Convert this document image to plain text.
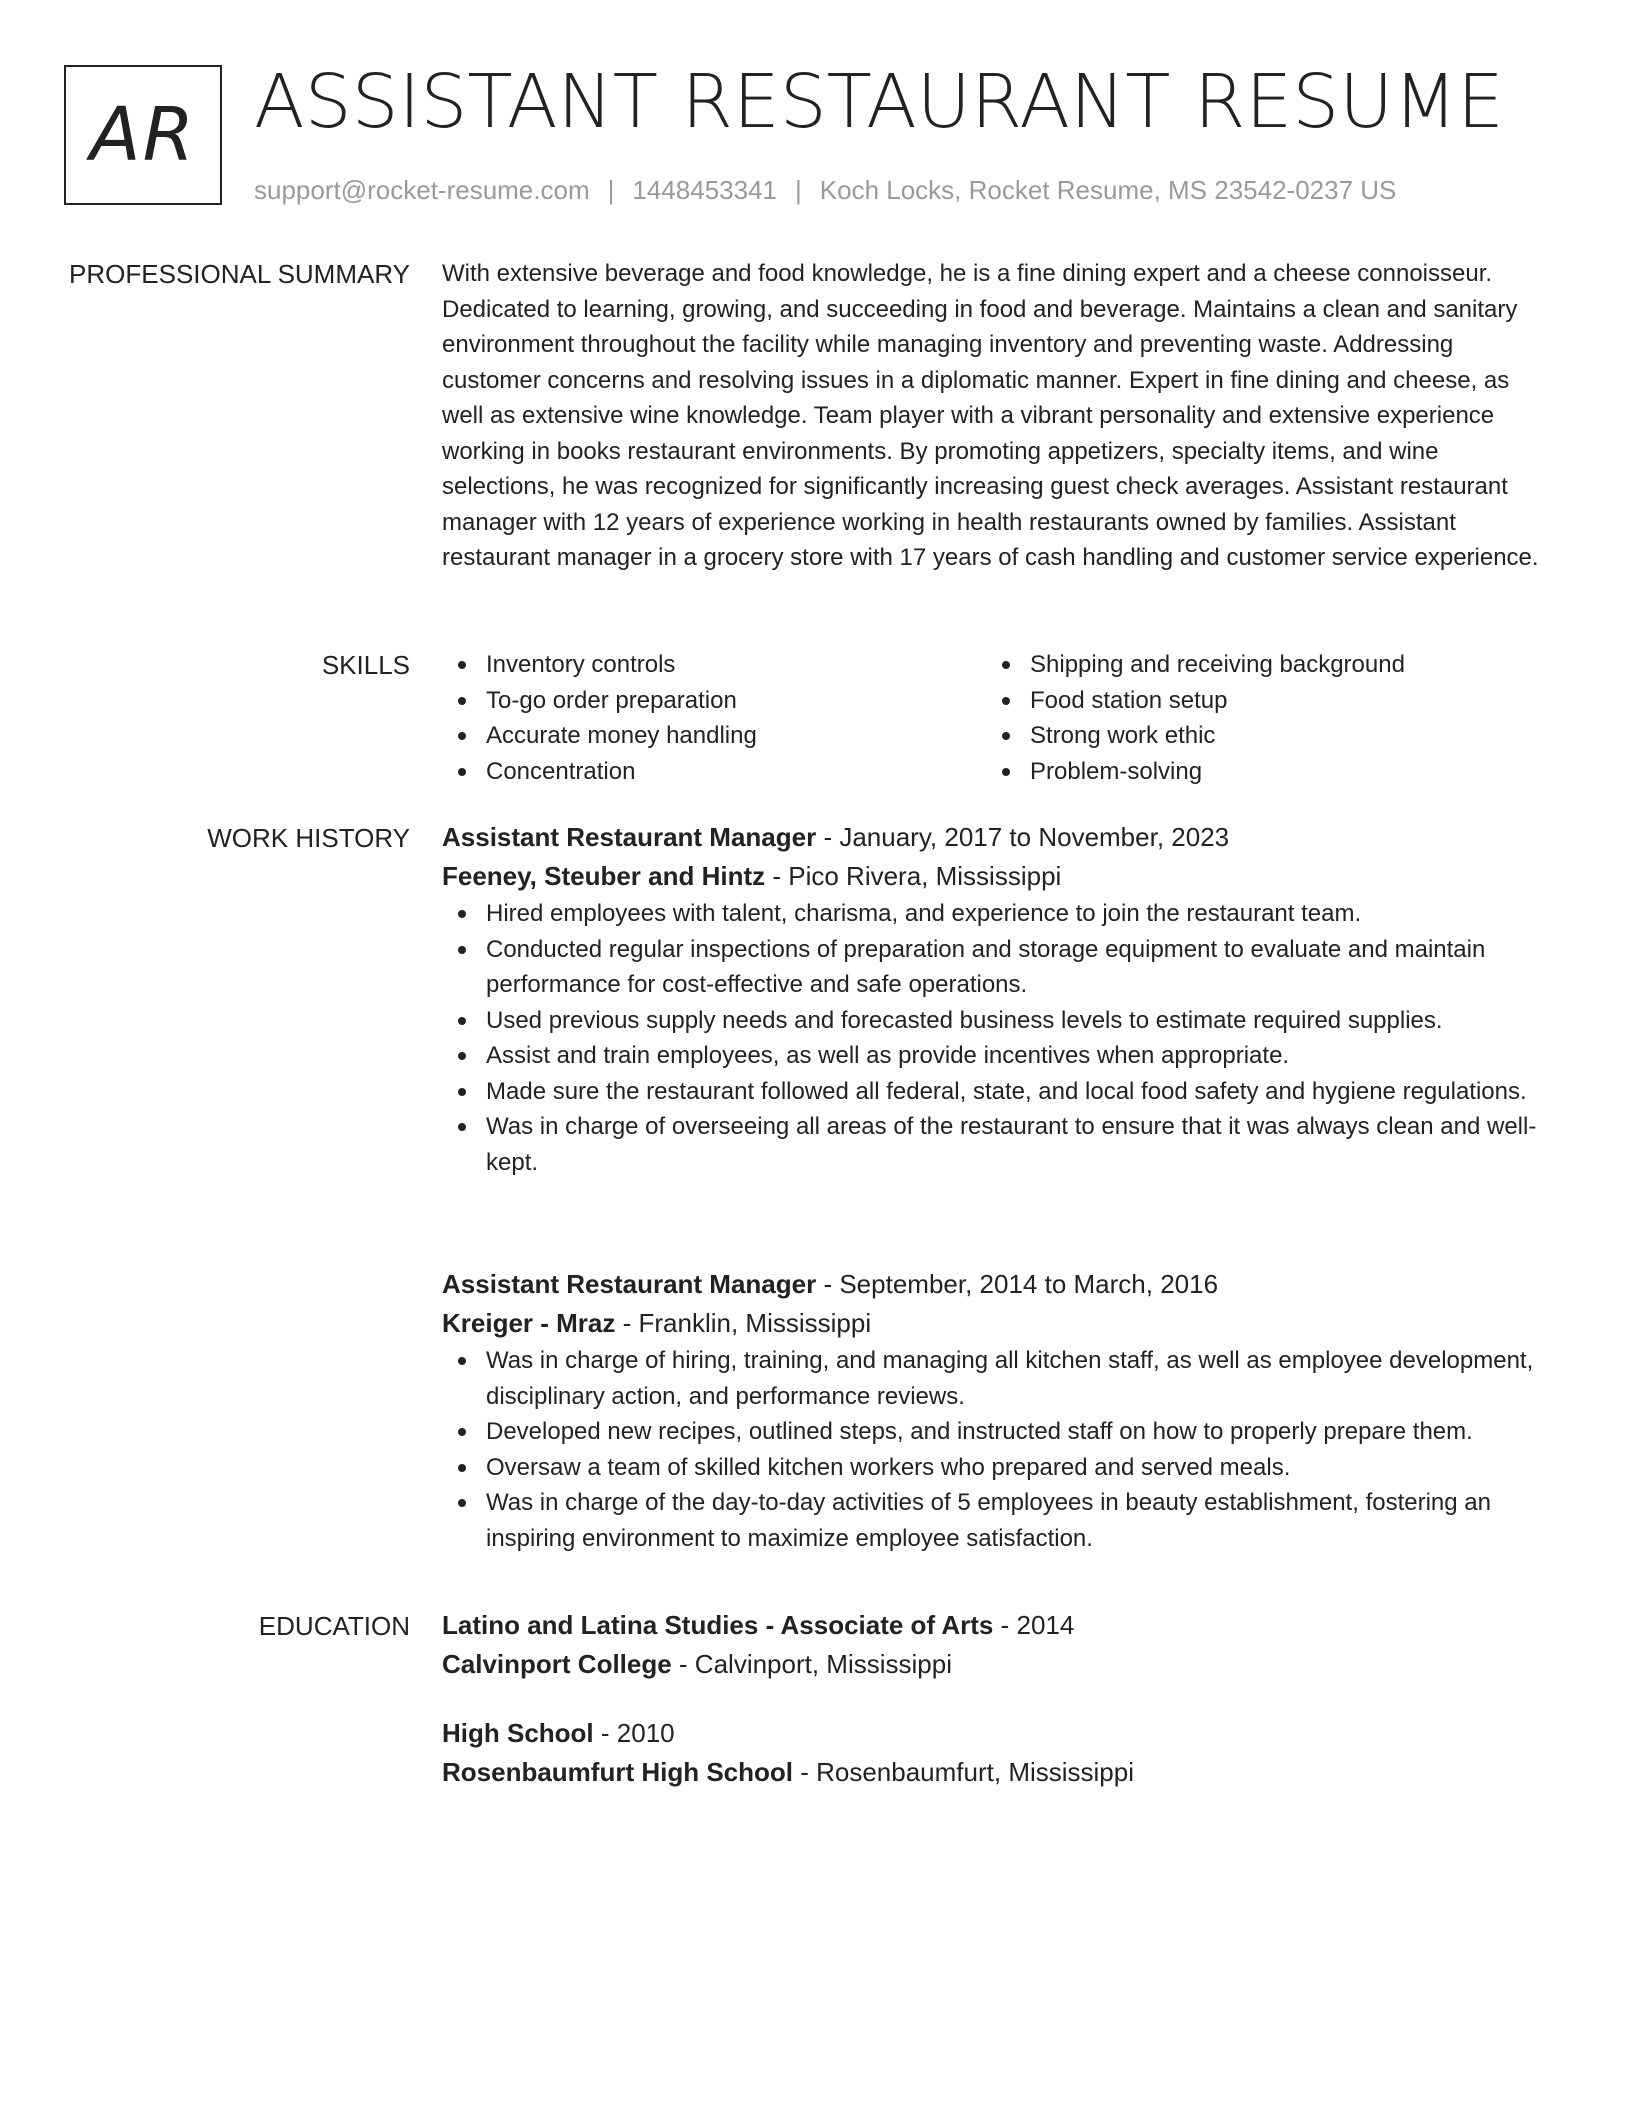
AR ASSISTANT RESTAURANT RESUME
support@rocket-resume.com | 1448453341 | Koch Locks, Rocket Resume, MS 23542-0237 US
PROFESSIONAL SUMMARY With extensive beverage and food knowledge, he is a fine dining expert and a cheese connoisseur. Dedicated to learning, growing, and succeeding in food and beverage. Maintains a clean and sanitary environment throughout the facility while managing inventory and preventing waste. Addressing customer concerns and resolving issues in a diplomatic manner. Expert in fine dining and cheese, as well as extensive wine knowledge. Team player with a vibrant personality and extensive experience working in books restaurant environments. By promoting appetizers, specialty items, and wine selections, he was recognized for significantly increasing guest check averages. Assistant restaurant manager with 12 years of experience working in health restaurants owned by families. Assistant restaurant manager in a grocery store with 17 years of cash handling and customer service experience.

SKILLS	Inventory controls
To-go order preparation
Accurate money handling
Concentration
Shipping and receiving background
Food station setup
Strong work ethic
Problem-solving
WORK HISTORY Assistant Restaurant Manager - January, 2017 to November, 2023
Feeney, Steuber and Hintz - Pico Rivera, Mississippi
Hired employees with talent, charisma, and experience to join the restaurant team.
Conducted regular inspections of preparation and storage equipment to evaluate and maintain performance for cost-effective and safe operations.
Used previous supply needs and forecasted business levels to estimate required supplies.
Assist and train employees, as well as provide incentives when appropriate.
Made sure the restaurant followed all federal, state, and local food safety and hygiene regulations.
Was in charge of overseeing all areas of the restaurant to ensure that it was always clean and well-kept.
Assistant Restaurant Manager - September, 2014 to March, 2016
Kreiger - Mraz - Franklin, Mississippi
Was in charge of hiring, training, and managing all kitchen staff, as well as employee development, disciplinary action, and performance reviews.
Developed new recipes, outlined steps, and instructed staff on how to properly prepare them.
Oversaw a team of skilled kitchen workers who prepared and served meals.
Was in charge of the day-to-day activities of 5 employees in beauty establishment, fostering an inspiring environment to maximize employee satisfaction.
EDUCATION Latino and Latina Studies - Associate of Arts - 2014
Calvinport College - Calvinport, Mississippi
High School - 2010
Rosenbaumfurt High School - Rosenbaumfurt, Mississippi
